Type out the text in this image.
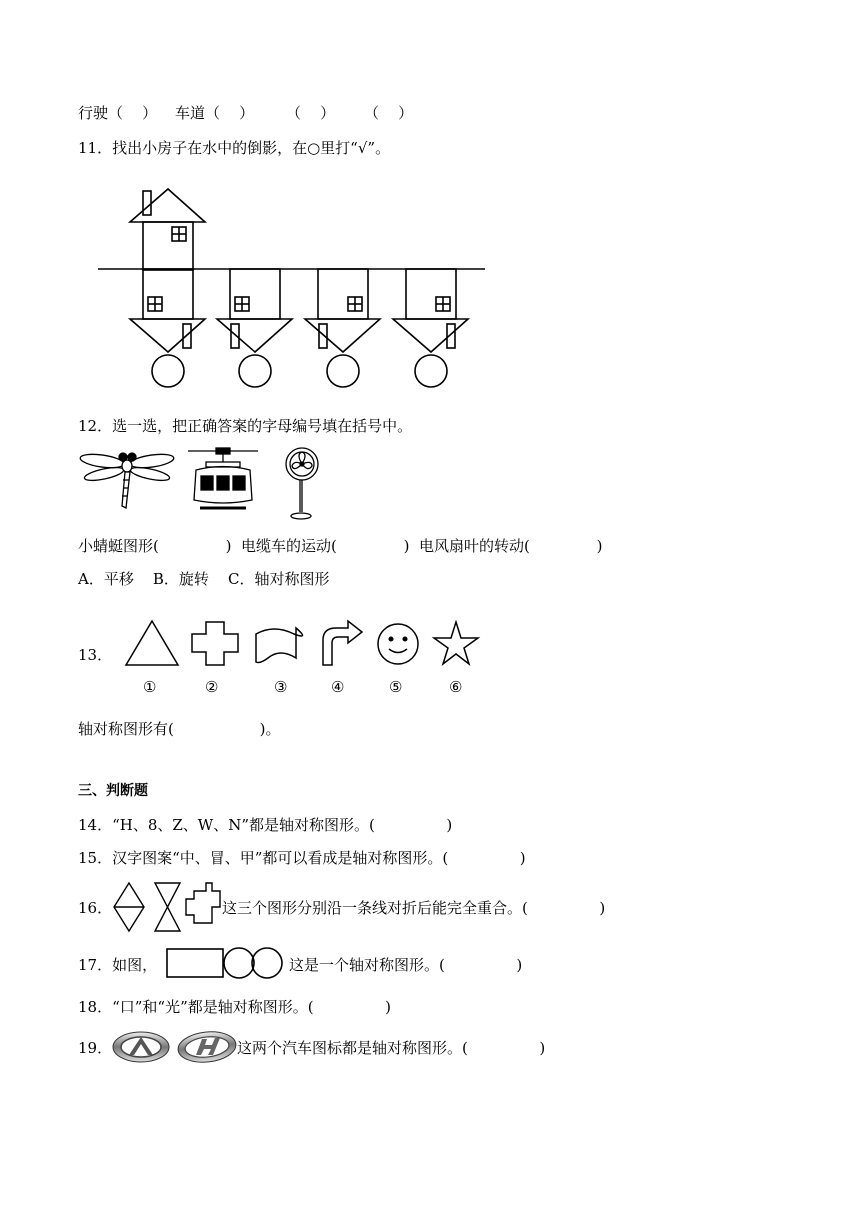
行驶（    ） 车道（    ） （    ） （    ）
11．找出小房子在水中的倒影，在○里打“√”。
12．选一选，把正确答案的字母编号填在括号中。
小蜻蜓图形(              )  电缆车的运动(              )  电风扇叶的转动(              )
A．平移    B．旋转    C．轴对称图形
13．
①	②	③	④	⑤	⑥
轴对称图形有(                  )。
三、判断题
14．“H、8、Z、W、N”都是轴对称图形。(               )
15．汉字图案“中、冒、甲”都可以看成是轴对称图形。(               )
16．	这三个图形分别沿一条线对折后能完全重合。(               )
17．如图，	这是一个轴对称图形。(               )
18．“口”和“光”都是轴对称图形。(               )
19．	这两个汽车图标都是轴对称图形。(               )
